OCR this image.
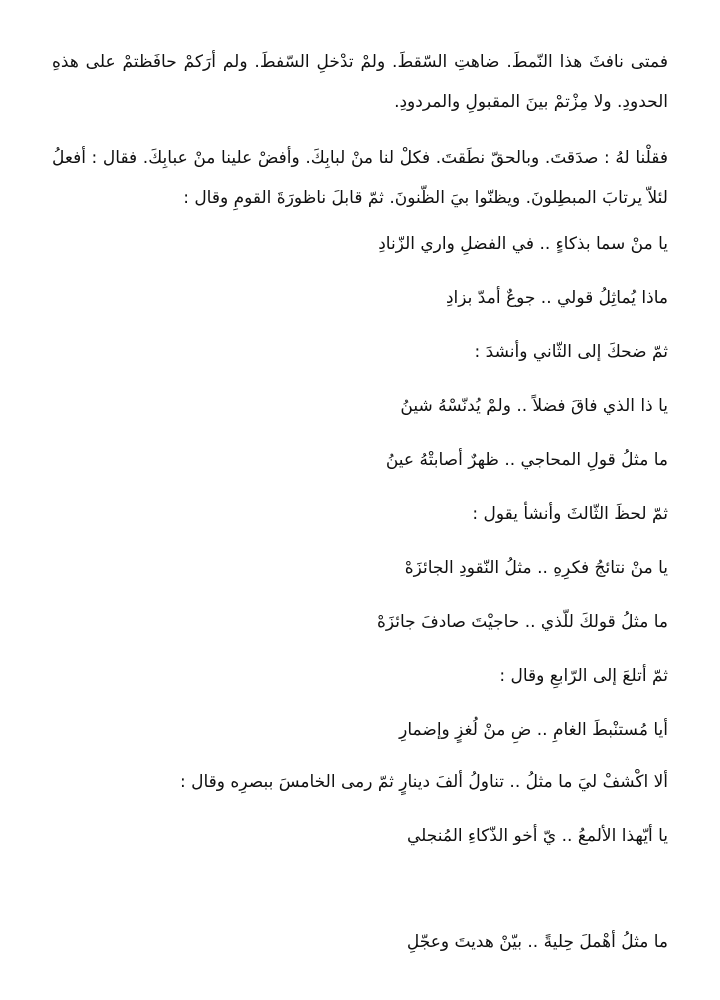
فمتى نافثَ هذا النّمطَ. ضاهتِ السّقطَ. ولمْ تدْخلِ السّفطَ. ولم أرَكمْ حافَظتمْ على هذهِ الحدودِ. ولا مِزْتمْ بينَ المقبولِ والمردودِ.
فقلْنا لهُ : صدَقتَ. وبالحقّ نطَقتَ. فكلْ لنا منْ لبابِكَ. وأفضْ علينا منْ عبابِكَ. فقال : أفعلُ لئلاّ يرتابَ المبطِلونَ. ويظنّوا بيَ الظّنونَ. ثمّ قابلَ ناظورَةَ القومِ وقال :
يا منْ سما بذكاءٍ .. في الفضلِ واري الزّنادِ
ماذا يُماثِلُ قولي .. جوعٌ أمدّ بزادِ
ثمّ ضحكَ إلى الثّاني وأنشدَ :
يا ذا الذي فاقَ فضلاً .. ولمْ يُدنّسْهُ شينُ
ما مثلُ قولِ المحاجي .. ظهرٌ أصابتْهُ عينُ
ثمّ لحظَ الثّالثَ وأنشأ يقول :
يا منْ نتائجُ فكرِهِ .. مثلُ النّقودِ الجائزَهْ
ما مثلُ قولكَ للّذي .. حاجيْتَ صادفَ جائزَهْ
ثمّ أتلعَ إلى الرّابعِ وقال :
أيا مُستنْبطَ الغامِ .. ضِ منْ لُغزٍ وإضمارِ
ألا اكْشفْ ليَ ما مثلُ .. تناولُ ألفَ دينارٍ ثمّ رمى الخامسَ ببصرِه وقال :
يا أيّهذا الألمعُ .. يّ أخو الذّكاءِ المُنجلي
ما مثلُ أهْملَ حِليةً .. بيّنْ هديتَ وعجّلِ
